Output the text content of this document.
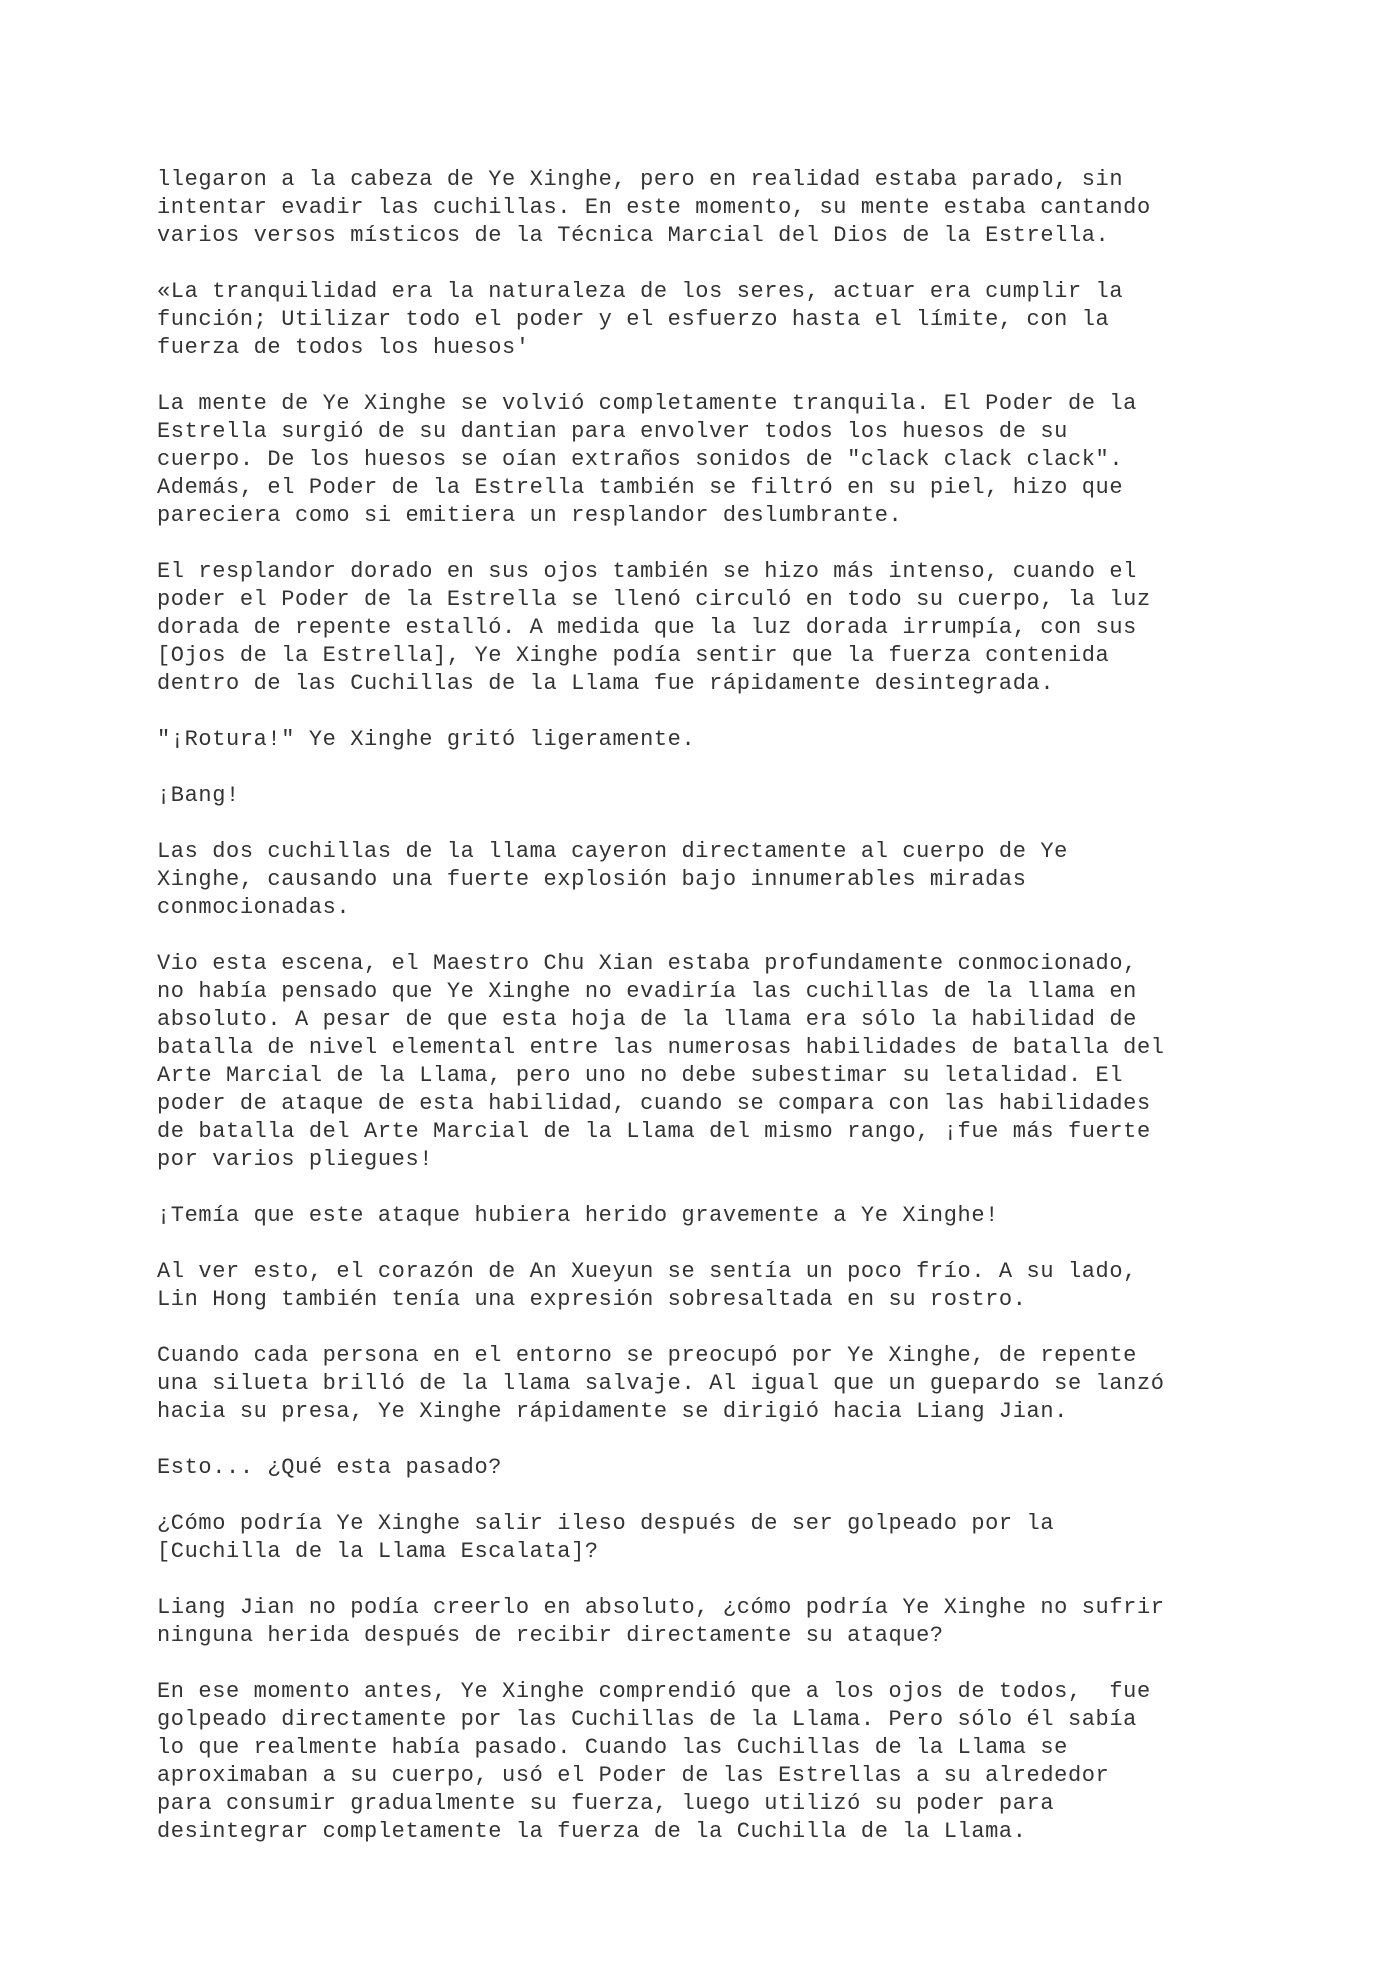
llegaron a la cabeza de Ye Xinghe, pero en realidad estaba parado, sin
intentar evadir las cuchillas. En este momento, su mente estaba cantando
varios versos místicos de la Técnica Marcial del Dios de la Estrella.

«La tranquilidad era la naturaleza de los seres, actuar era cumplir la
función; Utilizar todo el poder y el esfuerzo hasta el límite, con la
fuerza de todos los huesos'

La mente de Ye Xinghe se volvió completamente tranquila. El Poder de la
Estrella surgió de su dantian para envolver todos los huesos de su
cuerpo. De los huesos se oían extraños sonidos de "clack clack clack".
Además, el Poder de la Estrella también se filtró en su piel, hizo que
pareciera como si emitiera un resplandor deslumbrante.

El resplandor dorado en sus ojos también se hizo más intenso, cuando el
poder el Poder de la Estrella se llenó circuló en todo su cuerpo, la luz
dorada de repente estalló. A medida que la luz dorada irrumpía, con sus
[Ojos de la Estrella], Ye Xinghe podía sentir que la fuerza contenida
dentro de las Cuchillas de la Llama fue rápidamente desintegrada.

"¡Rotura!" Ye Xinghe gritó ligeramente.

¡Bang!

Las dos cuchillas de la llama cayeron directamente al cuerpo de Ye
Xinghe, causando una fuerte explosión bajo innumerables miradas
conmocionadas.

Vio esta escena, el Maestro Chu Xian estaba profundamente conmocionado,
no había pensado que Ye Xinghe no evadiría las cuchillas de la llama en
absoluto. A pesar de que esta hoja de la llama era sólo la habilidad de
batalla de nivel elemental entre las numerosas habilidades de batalla del
Arte Marcial de la Llama, pero uno no debe subestimar su letalidad. El
poder de ataque de esta habilidad, cuando se compara con las habilidades
de batalla del Arte Marcial de la Llama del mismo rango, ¡fue más fuerte
por varios pliegues!

¡Temía que este ataque hubiera herido gravemente a Ye Xinghe!

Al ver esto, el corazón de An Xueyun se sentía un poco frío. A su lado,
Lin Hong también tenía una expresión sobresaltada en su rostro.

Cuando cada persona en el entorno se preocupó por Ye Xinghe, de repente
una silueta brilló de la llama salvaje. Al igual que un guepardo se lanzó
hacia su presa, Ye Xinghe rápidamente se dirigió hacia Liang Jian.

Esto... ¿Qué esta pasado?

¿Cómo podría Ye Xinghe salir ileso después de ser golpeado por la
[Cuchilla de la Llama Escalata]?

Liang Jian no podía creerlo en absoluto, ¿cómo podría Ye Xinghe no sufrir
ninguna herida después de recibir directamente su ataque?

En ese momento antes, Ye Xinghe comprendió que a los ojos de todos,  fue
golpeado directamente por las Cuchillas de la Llama. Pero sólo él sabía
lo que realmente había pasado. Cuando las Cuchillas de la Llama se
aproximaban a su cuerpo, usó el Poder de las Estrellas a su alrededor
para consumir gradualmente su fuerza, luego utilizó su poder para
desintegrar completamente la fuerza de la Cuchilla de la Llama.
